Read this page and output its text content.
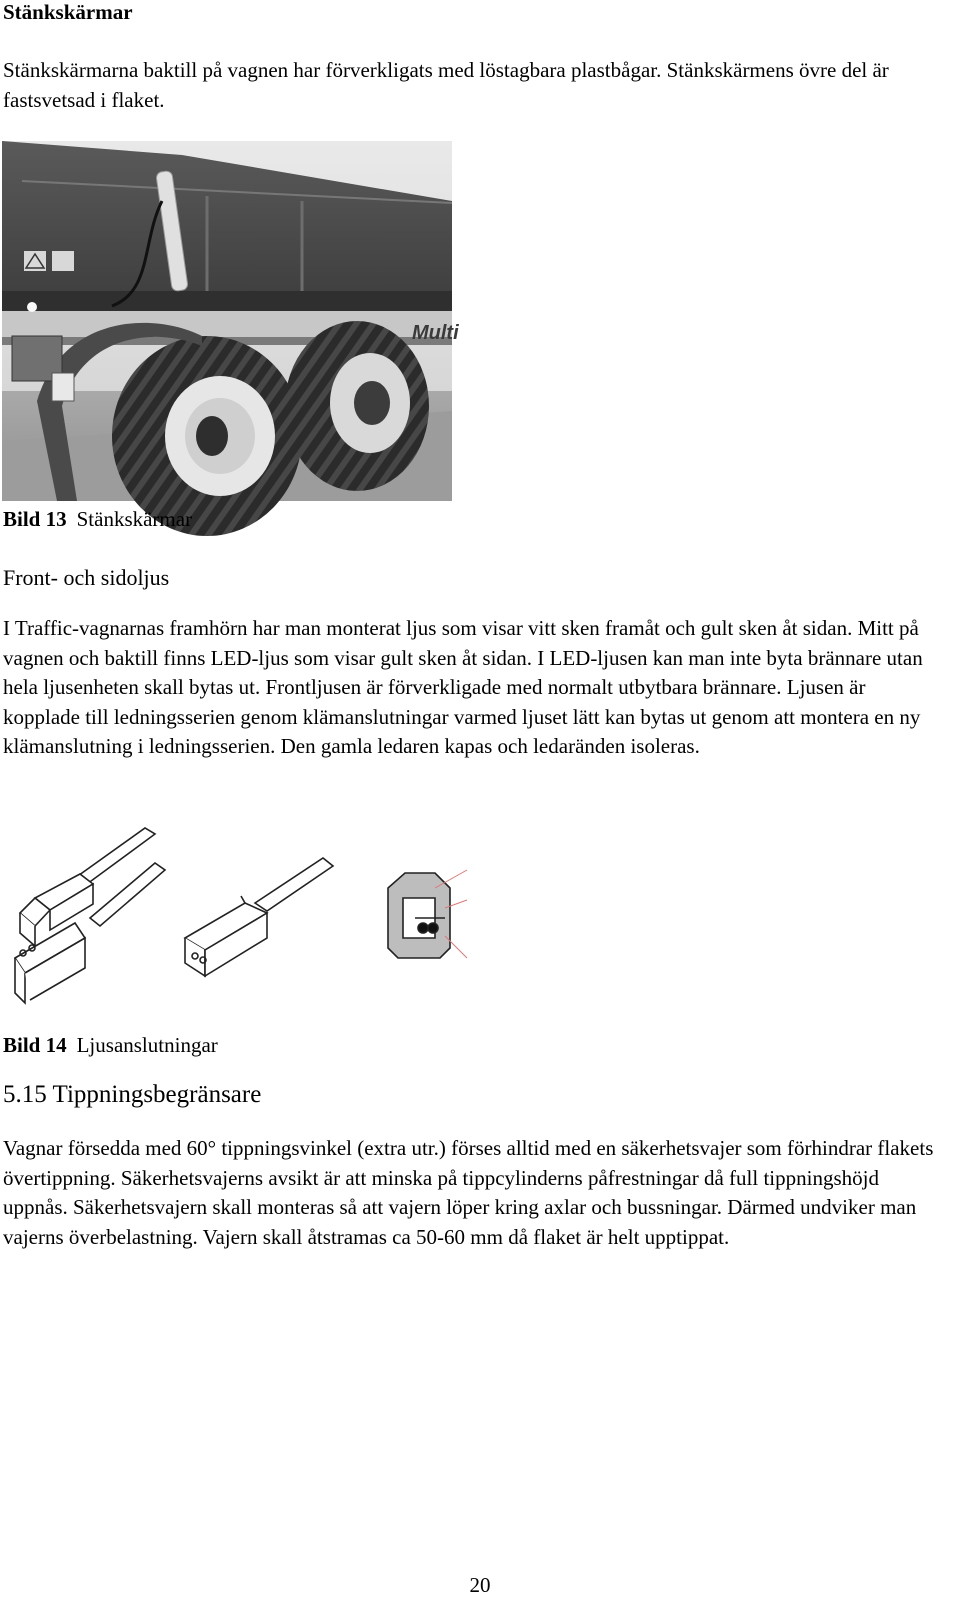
Stänkskärmar
Stänkskärmarna baktill på vagnen har förverkligats med löstagbara plastbågar. Stänkskärmens övre del är fastsvetsad i flaket.
Multi
Bild 13 Stänkskärmar
Front- och sidoljus
I Traffic-vagnarnas framhörn har man monterat ljus som visar vitt sken framåt och gult sken åt sidan. Mitt på vagnen och baktill finns LED-ljus som visar gult sken åt sidan. I LED-ljusen kan man inte byta brännare utan hela ljusenheten skall bytas ut. Frontljusen är förverkligade med normalt utbytbara brännare. Ljusen är kopplade till ledningsserien genom klämanslutningar varmed ljuset lätt kan bytas ut genom att montera en ny klämanslutning i ledningsserien. Den gamla ledaren kapas och ledaränden isoleras.
Bild 14 Ljusanslutningar
5.15 Tippningsbegränsare
Vagnar försedda med 60° tippningsvinkel (extra utr.) förses alltid med en säkerhetsvajer som förhindrar flakets övertippning. Säkerhetsvajerns avsikt är att minska på tippcylinderns påfrestningar då full tippningshöjd uppnås. Säkerhetsvajern skall monteras så att vajern löper kring axlar och bussningar. Därmed undviker man vajerns överbelastning. Vajern skall åtstramas ca 50-60 mm då flaket är helt upptippat.
20
